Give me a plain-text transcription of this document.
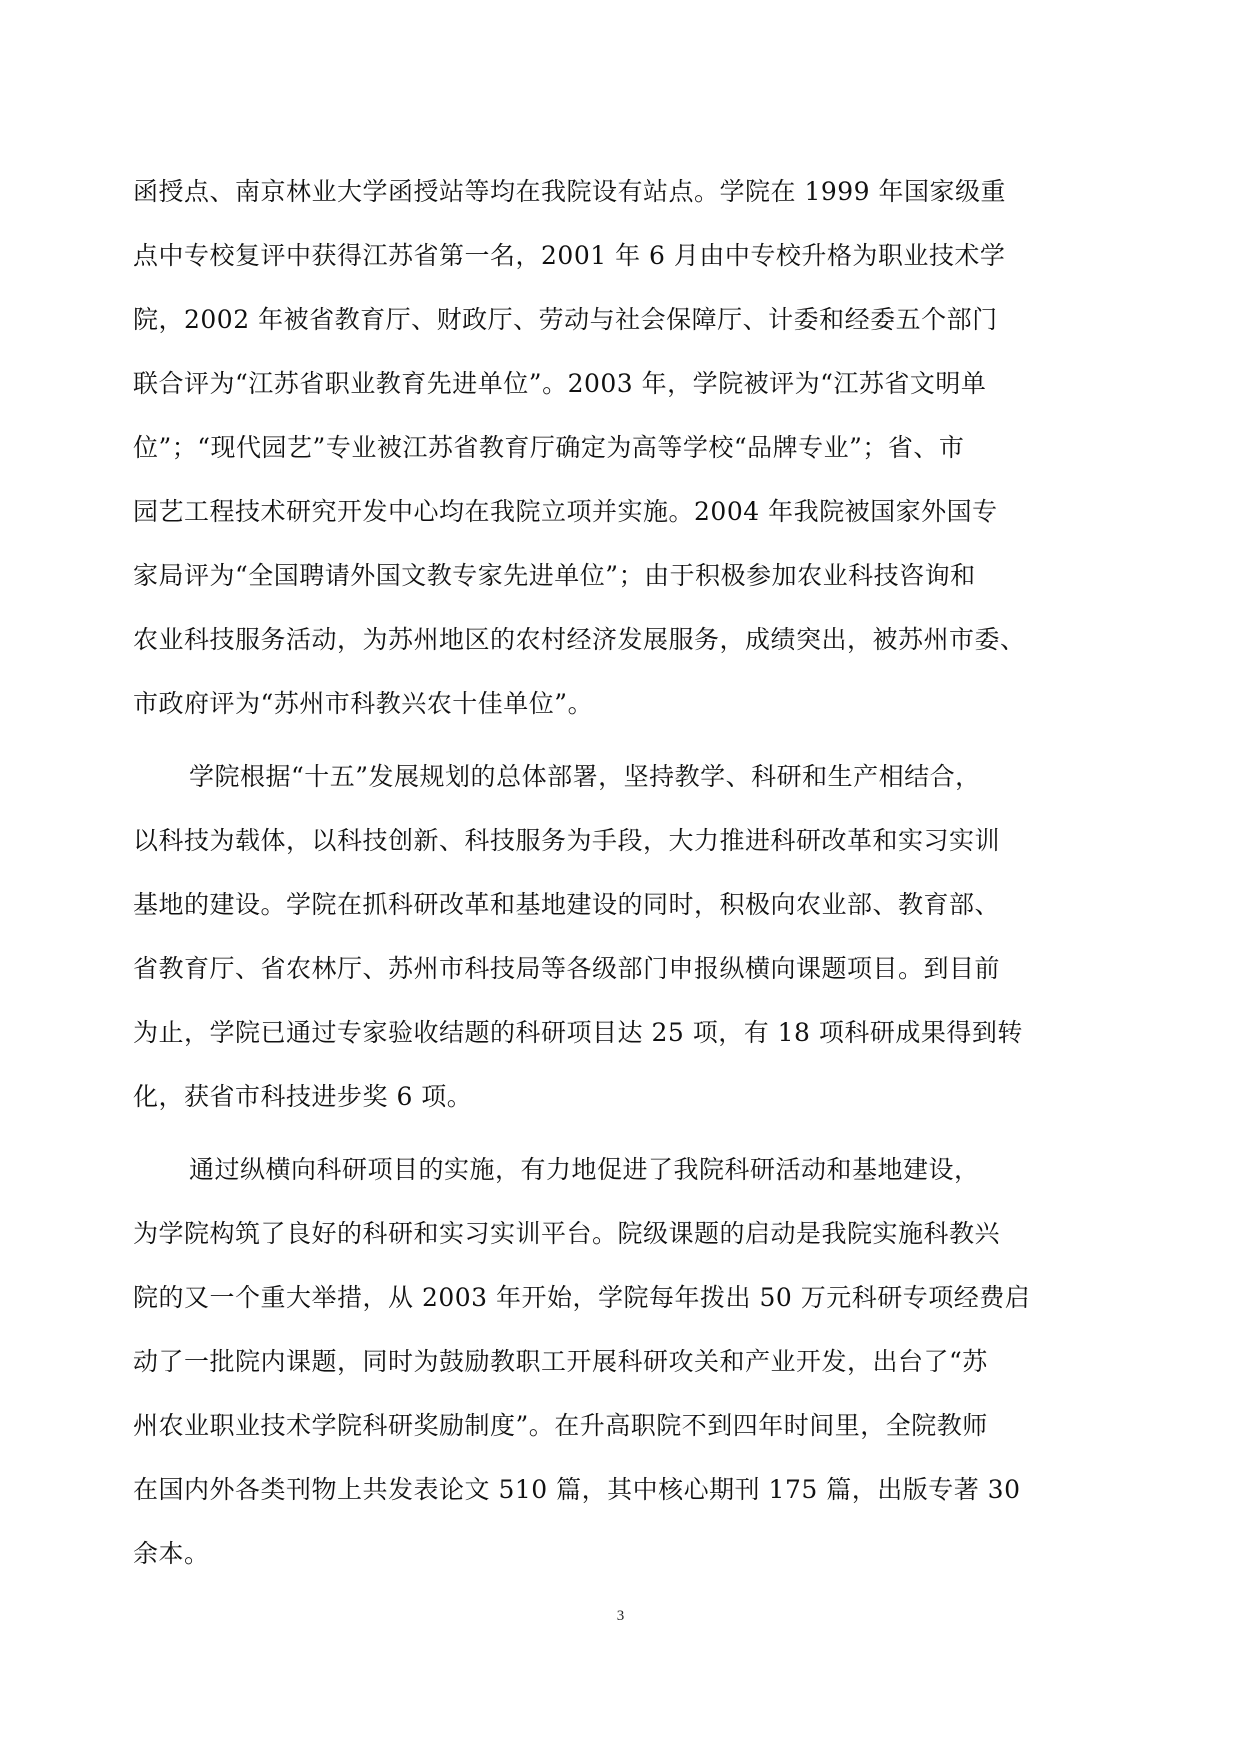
函授点、南京林业大学函授站等均在我院设有站点。学院在 1999 年国家级重
点中专校复评中获得江苏省第一名，2001 年 6 月由中专校升格为职业技术学
院，2002 年被省教育厅、财政厅、劳动与社会保障厅、计委和经委五个部门
联合评为“江苏省职业教育先进单位”。2003 年，学院被评为“江苏省文明单
位”；“现代园艺”专业被江苏省教育厅确定为高等学校“品牌专业”；省、市
园艺工程技术研究开发中心均在我院立项并实施。2004 年我院被国家外国专
家局评为“全国聘请外国文教专家先进单位”；由于积极参加农业科技咨询和
农业科技服务活动，为苏州地区的农村经济发展服务，成绩突出，被苏州市委、
市政府评为“苏州市科教兴农十佳单位”。
学院根据“十五”发展规划的总体部署，坚持教学、科研和生产相结合，
以科技为载体，以科技创新、科技服务为手段，大力推进科研改革和实习实训
基地的建设。学院在抓科研改革和基地建设的同时，积极向农业部、教育部、
省教育厅、省农林厅、苏州市科技局等各级部门申报纵横向课题项目。到目前
为止，学院已通过专家验收结题的科研项目达 25 项，有 18 项科研成果得到转
化，获省市科技进步奖 6 项。
通过纵横向科研项目的实施，有力地促进了我院科研活动和基地建设，
为学院构筑了良好的科研和实习实训平台。院级课题的启动是我院实施科教兴
院的又一个重大举措，从 2003 年开始，学院每年拨出 50 万元科研专项经费启
动了一批院内课题，同时为鼓励教职工开展科研攻关和产业开发，出台了“苏
州农业职业技术学院科研奖励制度”。在升高职院不到四年时间里，全院教师
在国内外各类刊物上共发表论文 510 篇，其中核心期刊 175 篇，出版专著 30
余本。
3
